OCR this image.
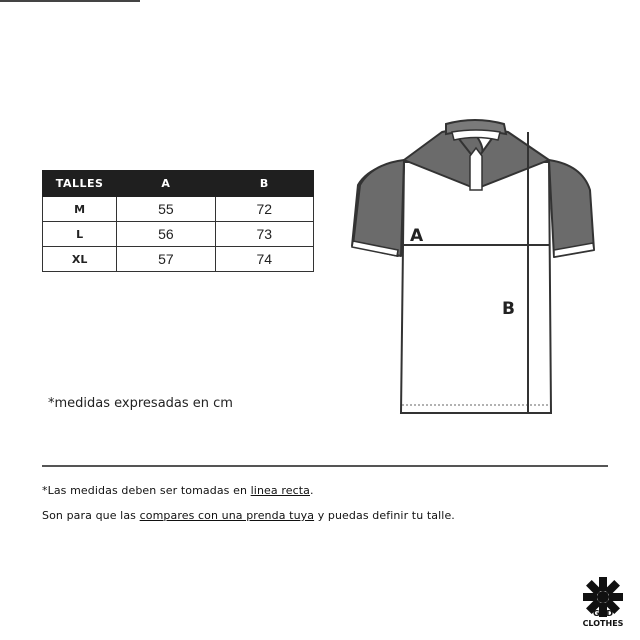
TALLES	A	B
M	55	72
L	56	73
XL	57	74
*medidas expresadas en cm
A
B
*Las medidas deben ser tomadas en linea recta.
Son para que las compares con una prenda tuya y puedas definir tu talle.
GOD
CLOTHES
